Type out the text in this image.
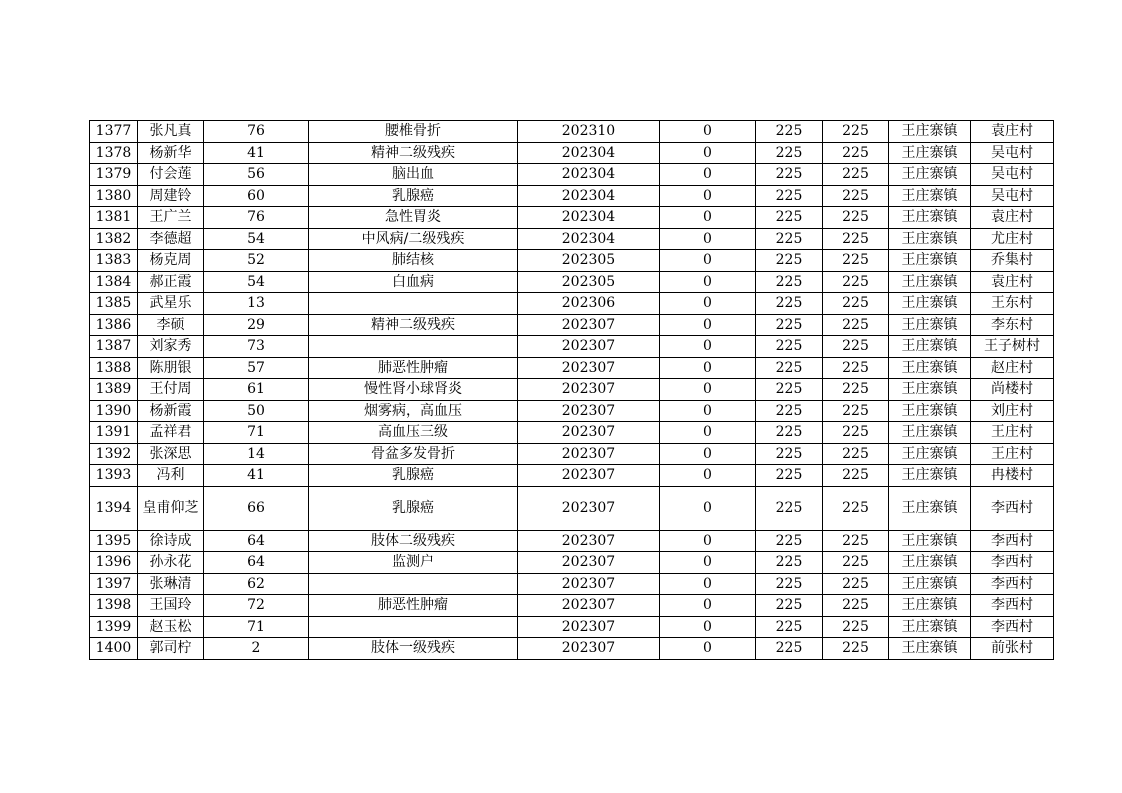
1377	张凡真	76	腰椎骨折	202310	0	225	225	王庄寨镇	袁庄村
1378	杨新华	41	精神二级残疾	202304	0	225	225	王庄寨镇	吴屯村
1379	付会莲	56	脑出血	202304	0	225	225	王庄寨镇	吴屯村
1380	周建铃	60	乳腺癌	202304	0	225	225	王庄寨镇	吴屯村
1381	王广兰	76	急性胃炎	202304	0	225	225	王庄寨镇	袁庄村
1382	李德超	54	中风病/二级残疾	202304	0	225	225	王庄寨镇	尤庄村
1383	杨克周	52	肺结核	202305	0	225	225	王庄寨镇	乔集村
1384	郝正霞	54	白血病	202305	0	225	225	王庄寨镇	袁庄村
1385	武星乐	13		202306	0	225	225	王庄寨镇	王东村
1386	李硕	29	精神二级残疾	202307	0	225	225	王庄寨镇	李东村
1387	刘家秀	73		202307	0	225	225	王庄寨镇	王子树村
1388	陈朋银	57	肺恶性肿瘤	202307	0	225	225	王庄寨镇	赵庄村
1389	王付周	61	慢性肾小球肾炎	202307	0	225	225	王庄寨镇	尚楼村
1390	杨新霞	50	烟雾病，高血压	202307	0	225	225	王庄寨镇	刘庄村
1391	孟祥君	71	高血压三级	202307	0	225	225	王庄寨镇	王庄村
1392	张深思	14	骨盆多发骨折	202307	0	225	225	王庄寨镇	王庄村
1393	冯利	41	乳腺癌	202307	0	225	225	王庄寨镇	冉楼村
1394	皇甫仰芝	66	乳腺癌	202307	0	225	225	王庄寨镇	李西村
1395	徐诗成	64	肢体二级残疾	202307	0	225	225	王庄寨镇	李西村
1396	孙永花	64	监测户	202307	0	225	225	王庄寨镇	李西村
1397	张琳清	62		202307	0	225	225	王庄寨镇	李西村
1398	王国玲	72	肺恶性肿瘤	202307	0	225	225	王庄寨镇	李西村
1399	赵玉松	71		202307	0	225	225	王庄寨镇	李西村
1400	郭司柠	2	肢体一级残疾	202307	0	225	225	王庄寨镇	前张村
